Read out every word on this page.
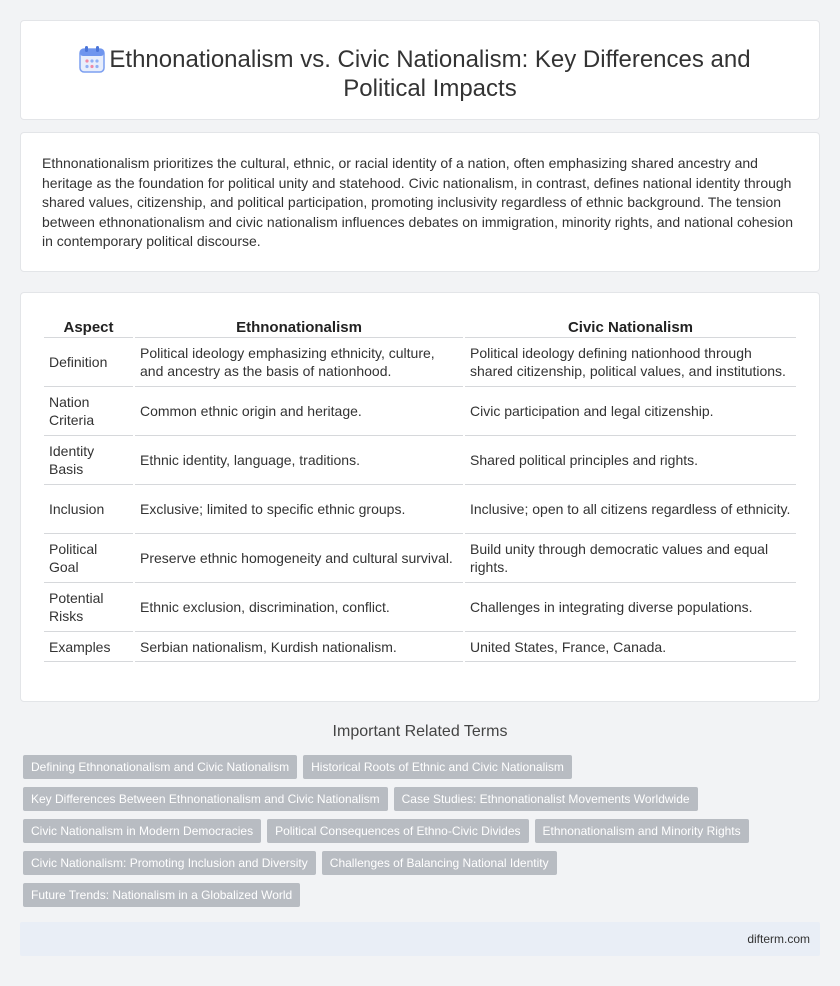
Ethnonationalism vs. Civic Nationalism: Key Differences and Political Impacts

Ethnonationalism prioritizes the cultural, ethnic, or racial identity of a nation, often emphasizing shared ancestry and heritage as the foundation for political unity and statehood. Civic nationalism, in contrast, defines national identity through shared values, citizenship, and political participation, promoting inclusivity regardless of ethnic background. The tension between ethnonationalism and civic nationalism influences debates on immigration, minority rights, and national cohesion in contemporary political discourse.

Aspect	Ethnonationalism	Civic Nationalism
Definition	Political ideology emphasizing ethnicity, culture, and ancestry as the basis of nationhood.	Political ideology defining nationhood through shared citizenship, political values, and institutions.
Nation Criteria	Common ethnic origin and heritage.	Civic participation and legal citizenship.
Identity Basis	Ethnic identity, language, traditions.	Shared political principles and rights.
Inclusion	Exclusive; limited to specific ethnic groups.	Inclusive; open to all citizens regardless of ethnicity.
Political Goal	Preserve ethnic homogeneity and cultural survival.	Build unity through democratic values and equal rights.
Potential Risks	Ethnic exclusion, discrimination, conflict.	Challenges in integrating diverse populations.
Examples	Serbian nationalism, Kurdish nationalism.	United States, France, Canada.
Important Related Terms
Defining Ethnonationalism and Civic Nationalism	Historical Roots of Ethnic and Civic Nationalism
Key Differences Between Ethnonationalism and Civic Nationalism	Case Studies: Ethnonationalist Movements Worldwide
Civic Nationalism in Modern Democracies	Political Consequences of Ethno-Civic Divides	Ethnonationalism and Minority Rights
Civic Nationalism: Promoting Inclusion and Diversity	Challenges of Balancing National Identity
Future Trends: Nationalism in a Globalized World
difterm.com
